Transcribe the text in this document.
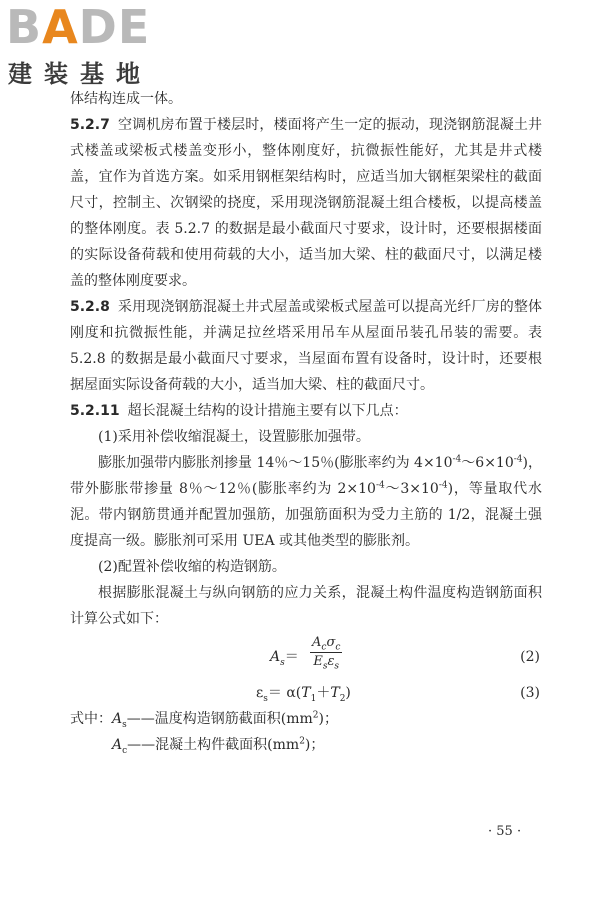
BADE
建装基地

体结构连成一体。

5.2.7 空调机房布置于楼层时，楼面将产生一定的振动，现浇钢筋混凝土井式楼盖或梁板式楼盖变形小，整体刚度好，抗微振性能好，尤其是井式楼盖，宜作为首选方案。如采用钢框架结构时，应适当加大钢框架梁柱的截面尺寸，控制主、次钢梁的挠度，采用现浇钢筋混凝土组合楼板，以提高楼盖的整体刚度。表 5.2.7 的数据是最小截面尺寸要求，设计时，还要根据楼面的实际设备荷载和使用荷载的大小，适当加大梁、柱的截面尺寸，以满足楼盖的整体刚度要求。

5.2.8 采用现浇钢筋混凝土井式屋盖或梁板式屋盖可以提高光纤厂房的整体刚度和抗微振性能，并满足拉丝塔采用吊车从屋面吊装孔吊装的需要。表 5.2.8 的数据是最小截面尺寸要求，当屋面布置有设备时，设计时，还要根据屋面实际设备荷载的大小，适当加大梁、柱的截面尺寸。

5.2.11 超长混凝土结构的设计措施主要有以下几点：

(1)采用补偿收缩混凝土，设置膨胀加强带。

膨胀加强带内膨胀剂掺量 14％～15％(膨胀率约为 $4\times 10^{-4}\sim 6\times 10^{-4}$)，带外膨胀带掺量 8％～12％(膨胀率约为 $2\times 10^{-4}\sim 3\times 10^{-4}$)，等量取代水泥。带内钢筋贯通并配置加强筋，加强筋面积为受力主筋的 1/2，混凝土强度提高一级。膨胀剂可采用 UEA 或其他类型的膨胀剂。

(2)配置补偿收缩的构造钢筋。

根据膨胀混凝土与纵向钢筋的应力关系，混凝土构件温度构造钢筋面积计算公式如下：

$A_s=$
$A_c\sigma_c$
$E_s\varepsilon_s$
(2)
$\varepsilon_s= \alpha(T_1+T_2)$	(3)

式中：$A_s——$温度构造钢筋截面积$(mm^2)$；

$A_c——$混凝土构件截面积$(mm^2)$；

· 55 ·
